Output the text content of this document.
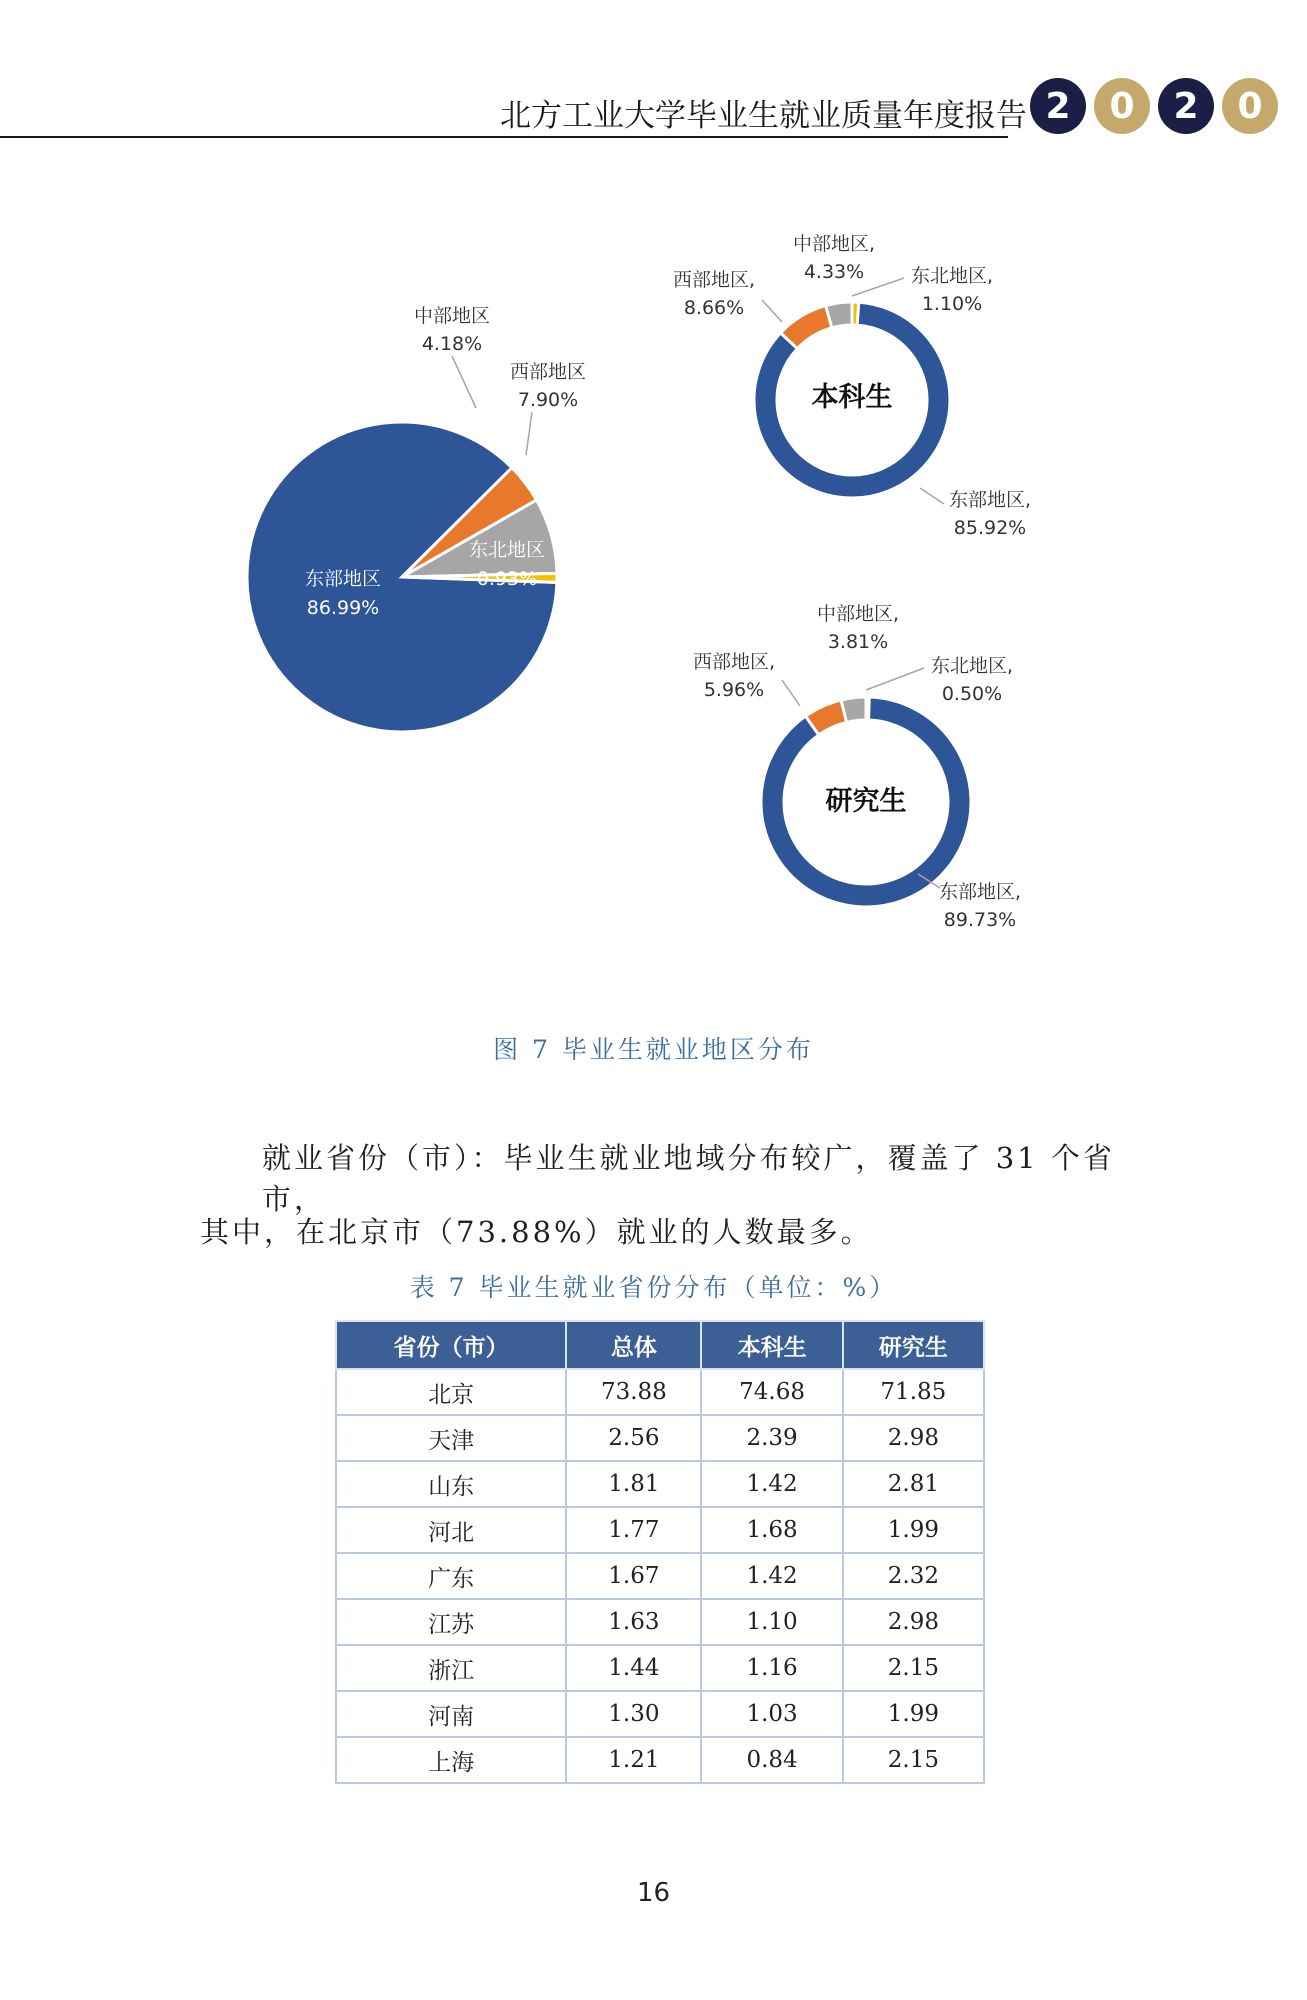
北方工业大学毕业生就业质量年度报告 2	0	2	0
中部地区
4.18%
西部地区
7.90%
东部地区
86.99%
东北地区
0.93%
本科生
中部地区,
4.33%
西部地区,
8.66%
东北地区,
1.10%
东部地区,
85.92%
研究生
中部地区,
3.81%
西部地区,
5.96%
东北地区,
0.50%
东部地区,
89.73%
图 7 毕业生就业地区分布
就业省份（市）：毕业生就业地域分布较广，覆盖了 31 个省市，
其中，在北京市（73.88%）就业的人数最多。
表 7 毕业生就业省份分布（单位：%）
省份（市）	总体	本科生	研究生
北京	73.88	74.68	71.85
天津	2.56	2.39	2.98
山东	1.81	1.42	2.81
河北	1.77	1.68	1.99
广东	1.67	1.42	2.32
江苏	1.63	1.10	2.98
浙江	1.44	1.16	2.15
河南	1.30	1.03	1.99
上海	1.21	0.84	2.15
16
